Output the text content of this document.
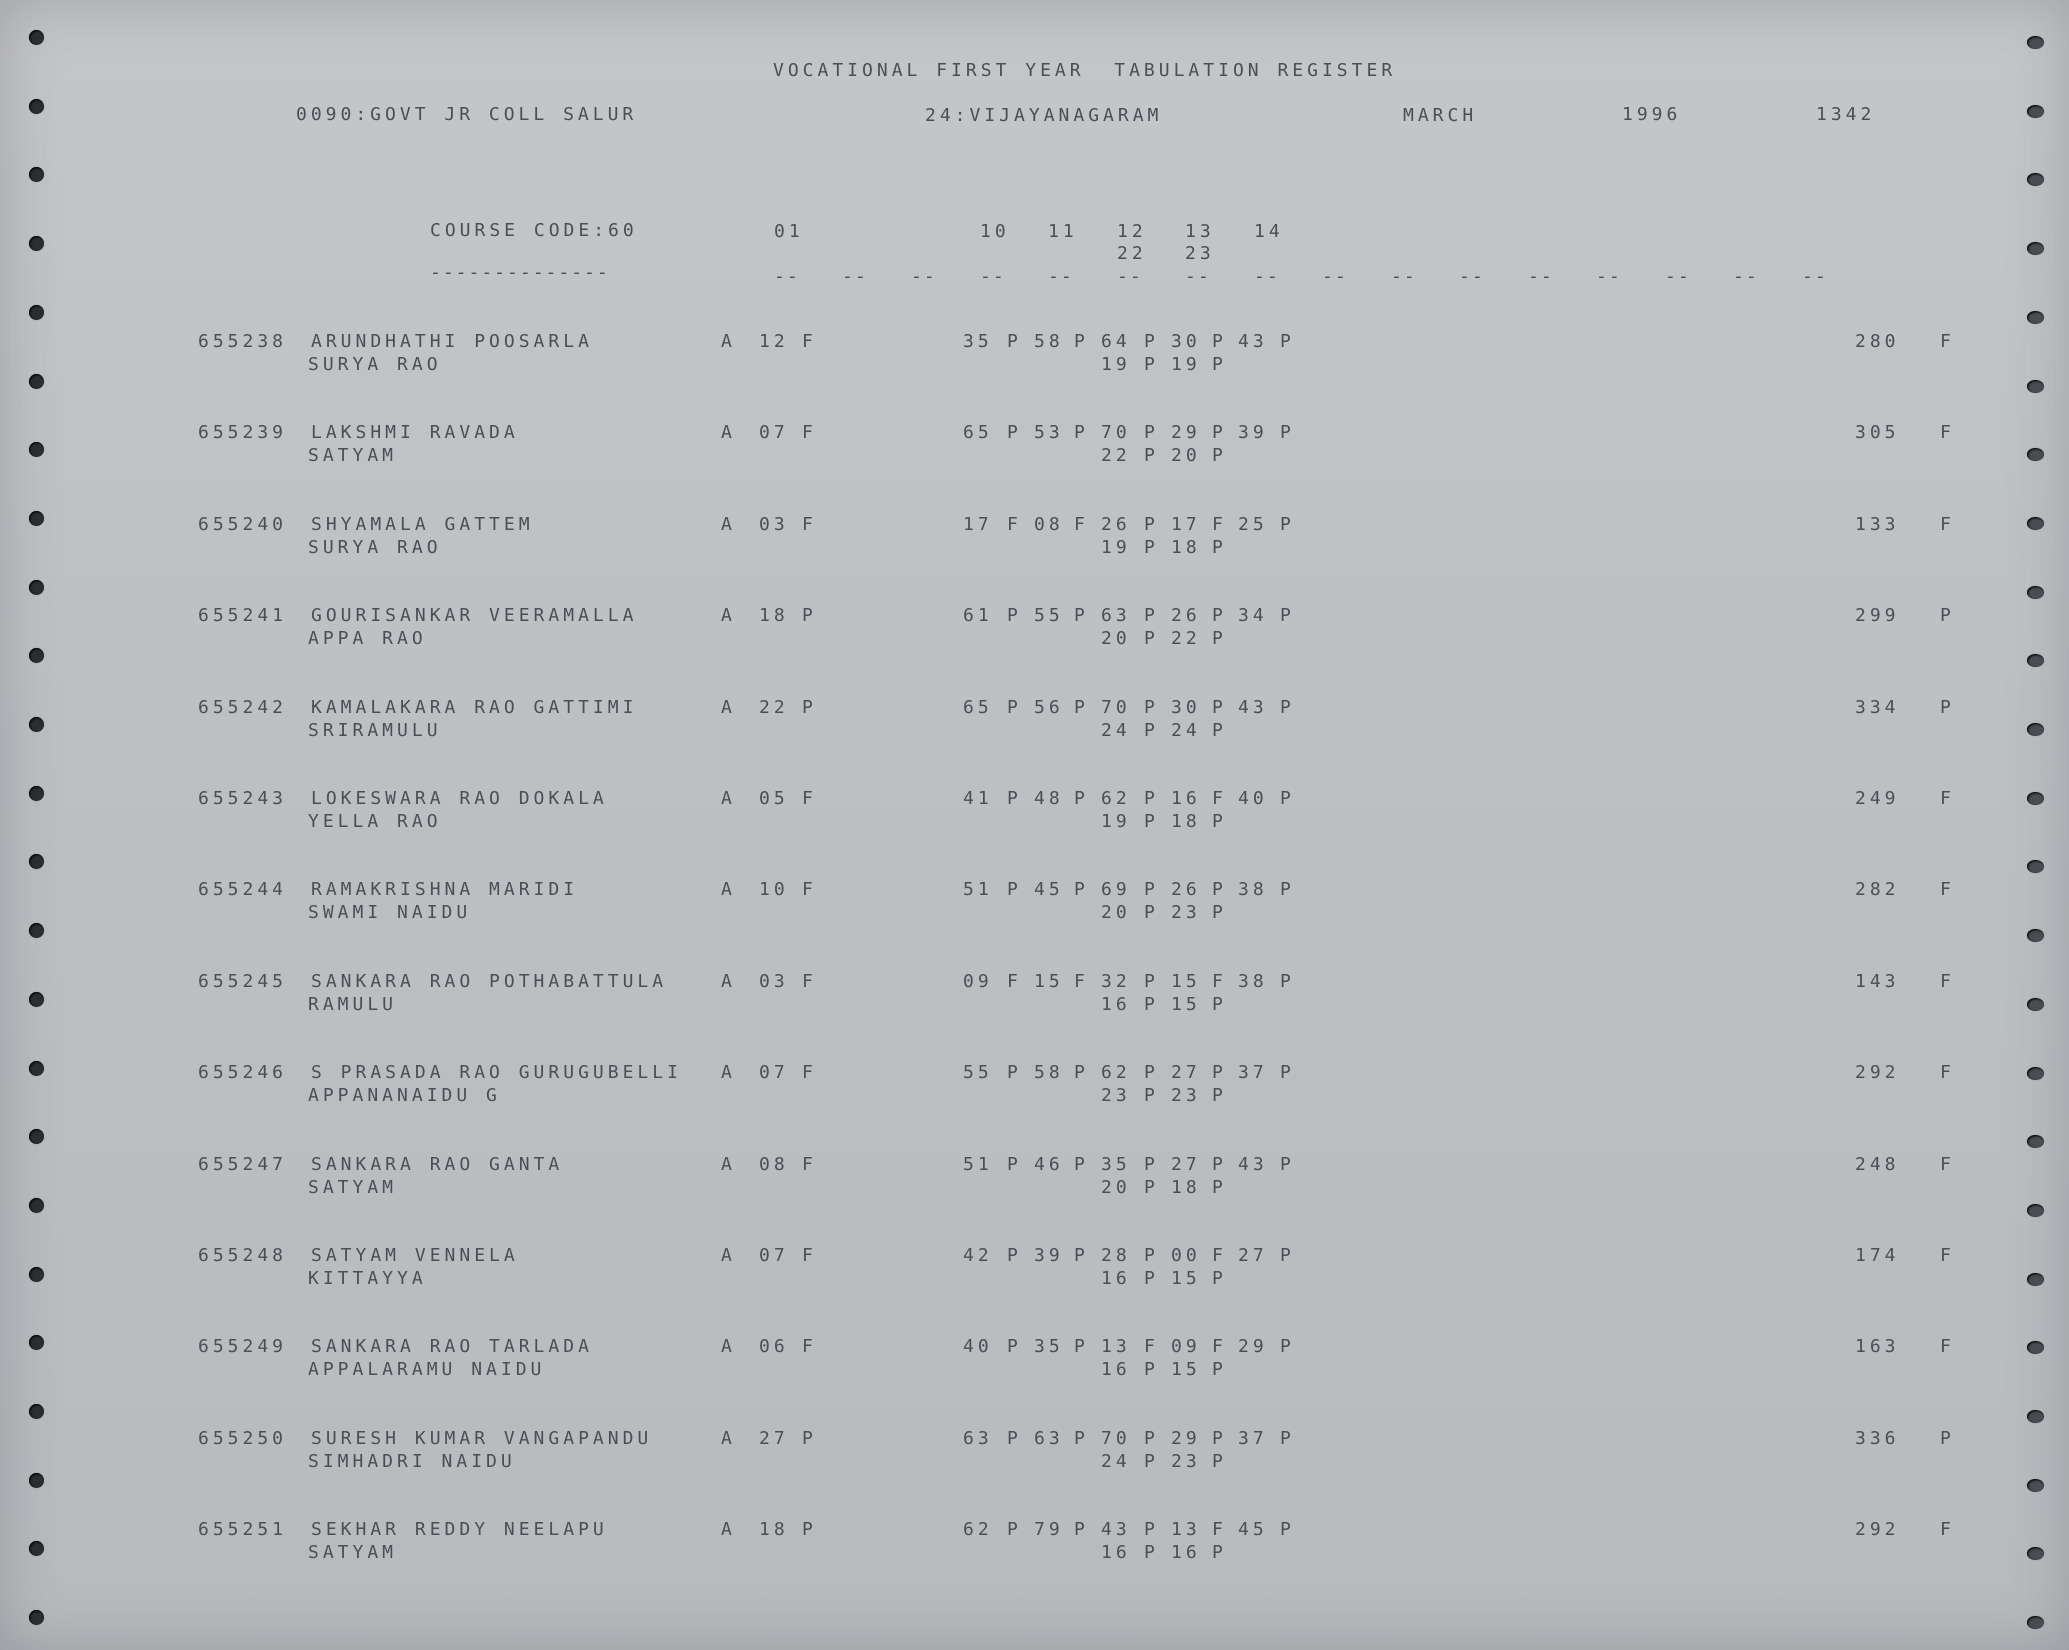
VOCATIONAL FIRST YEAR  TABULATION REGISTER
0090:GOVT JR COLL SALUR	24:VIJAYANAGARAM	MARCH	1996	1342
COURSE CODE:60
--------------
01	10 11 12 13 14
22 23
-- -- -- -- -- -- -- -- -- -- -- -- -- -- -- --
655238 ARUNDHATHI POOSARLA
SURYA RAO
A 12 F	35 P 58 P 64 P 30 P 43 P
19 P 19 P
280 F
655239 LAKSHMI RAVADA
SATYAM
A 07 F	65 P 53 P 70 P 29 P 39 P
22 P 20 P
305 F
655240 SHYAMALA GATTEM
SURYA RAO
A 03 F	17 F 08 F 26 P 17 F 25 P
19 P 18 P
133 F
655241 GOURISANKAR VEERAMALLA
APPA RAO
A 18 P	61 P 55 P 63 P 26 P 34 P
20 P 22 P
299 P
655242 KAMALAKARA RAO GATTIMI
SRIRAMULU
A 22 P	65 P 56 P 70 P 30 P 43 P
24 P 24 P
334 P
655243 LOKESWARA RAO DOKALA
YELLA RAO
A 05 F	41 P 48 P 62 P 16 F 40 P
19 P 18 P
249 F
655244 RAMAKRISHNA MARIDI
SWAMI NAIDU
A 10 F	51 P 45 P 69 P 26 P 38 P
20 P 23 P
282 F
655245 SANKARA RAO POTHABATTULA
RAMULU
A 03 F	09 F 15 F 32 P 15 F 38 P
16 P 15 P
143 F
655246 S PRASADA RAO GURUGUBELLI
APPANANAIDU G
A 07 F	55 P 58 P 62 P 27 P 37 P
23 P 23 P
292 F
655247 SANKARA RAO GANTA
SATYAM
A 08 F	51 P 46 P 35 P 27 P 43 P
20 P 18 P
248 F
655248 SATYAM VENNELA
KITTAYYA
A 07 F	42 P 39 P 28 P 00 F 27 P
16 P 15 P
174 F
655249 SANKARA RAO TARLADA
APPALARAMU NAIDU
A 06 F	40 P 35 P 13 F 09 F 29 P
16 P 15 P
163 F
655250 SURESH KUMAR VANGAPANDU
SIMHADRI NAIDU
A 27 P	63 P 63 P 70 P 29 P 37 P
24 P 23 P
336 P
655251 SEKHAR REDDY NEELAPU
SATYAM
A 18 P	62 P 79 P 43 P 13 F 45 P
16 P 16 P
292 F
